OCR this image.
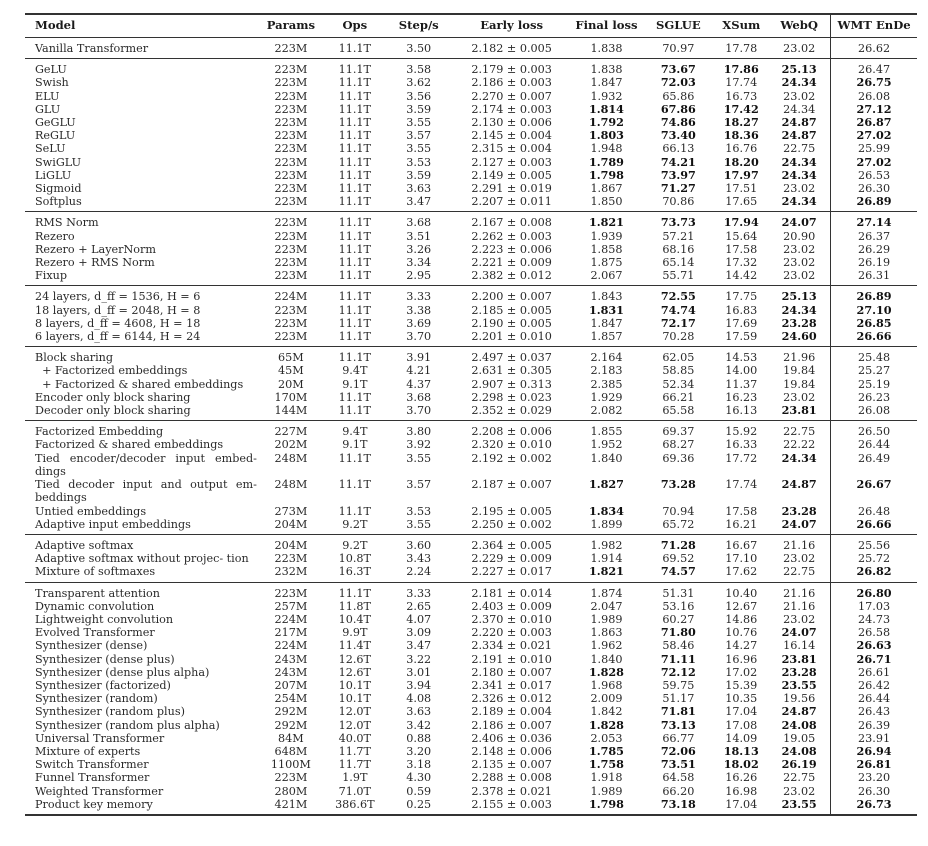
Model	Params	Ops	Step/s	Early loss	Final loss	SGLUE	XSum	WebQ	WMT EnDe
Vanilla Transformer	223M	11.1T	3.50	2.182 ± 0.005	1.838	70.97	17.78	23.02	26.62
GeLU	223M	11.1T	3.58	2.179 ± 0.003	1.838	73.67	17.86	25.13	26.47
Swish	223M	11.1T	3.62	2.186 ± 0.003	1.847	72.03	17.74	24.34	26.75
ELU	223M	11.1T	3.56	2.270 ± 0.007	1.932	65.86	16.73	23.02	26.08
GLU	223M	11.1T	3.59	2.174 ± 0.003	1.814	67.86	17.42	24.34	27.12
GeGLU	223M	11.1T	3.55	2.130 ± 0.006	1.792	74.86	18.27	24.87	26.87
ReGLU	223M	11.1T	3.57	2.145 ± 0.004	1.803	73.40	18.36	24.87	27.02
SeLU	223M	11.1T	3.55	2.315 ± 0.004	1.948	66.13	16.76	22.75	25.99
SwiGLU	223M	11.1T	3.53	2.127 ± 0.003	1.789	74.21	18.20	24.34	27.02
LiGLU	223M	11.1T	3.59	2.149 ± 0.005	1.798	73.97	17.97	24.34	26.53
Sigmoid	223M	11.1T	3.63	2.291 ± 0.019	1.867	71.27	17.51	23.02	26.30
Softplus	223M	11.1T	3.47	2.207 ± 0.011	1.850	70.86	17.65	24.34	26.89
RMS Norm	223M	11.1T	3.68	2.167 ± 0.008	1.821	73.73	17.94	24.07	27.14
Rezero	223M	11.1T	3.51	2.262 ± 0.003	1.939	57.21	15.64	20.90	26.37
Rezero + LayerNorm	223M	11.1T	3.26	2.223 ± 0.006	1.858	68.16	17.58	23.02	26.29
Rezero + RMS Norm	223M	11.1T	3.34	2.221 ± 0.009	1.875	65.14	17.32	23.02	26.19
Fixup	223M	11.1T	2.95	2.382 ± 0.012	2.067	55.71	14.42	23.02	26.31
24 layers, d_ff = 1536, H = 6	224M	11.1T	3.33	2.200 ± 0.007	1.843	72.55	17.75	25.13	26.89
18 layers, d_ff = 2048, H = 8	223M	11.1T	3.38	2.185 ± 0.005	1.831	74.74	16.83	24.34	27.10
8 layers, d_ff = 4608, H = 18	223M	11.1T	3.69	2.190 ± 0.005	1.847	72.17	17.69	23.28	26.85
6 layers, d_ff = 6144, H = 24	223M	11.1T	3.70	2.201 ± 0.010	1.857	70.28	17.59	24.60	26.66
Block sharing	65M	11.1T	3.91	2.497 ± 0.037	2.164	62.05	14.53	21.96	25.48
+ Factorized embeddings	45M	9.4T	4.21	2.631 ± 0.305	2.183	58.85	14.00	19.84	25.27
+ Factorized & shared embeddings	20M	9.1T	4.37	2.907 ± 0.313	2.385	52.34	11.37	19.84	25.19
Encoder only block sharing	170M	11.1T	3.68	2.298 ± 0.023	1.929	66.21	16.23	23.02	26.23
Decoder only block sharing	144M	11.1T	3.70	2.352 ± 0.029	2.082	65.58	16.13	23.81	26.08
Factorized Embedding	227M	9.4T	3.80	2.208 ± 0.006	1.855	69.37	15.92	22.75	26.50
Factorized & shared embeddings	202M	9.1T	3.92	2.320 ± 0.010	1.952	68.27	16.33	22.22	26.44
Tied encoder/decoder input embed- dings	248M	11.1T	3.55	2.192 ± 0.002	1.840	69.36	17.72	24.34	26.49
Tied decoder input and output em- beddings	248M	11.1T	3.57	2.187 ± 0.007	1.827	73.28	17.74	24.87	26.67
Untied embeddings	273M	11.1T	3.53	2.195 ± 0.005	1.834	70.94	17.58	23.28	26.48
Adaptive input embeddings	204M	9.2T	3.55	2.250 ± 0.002	1.899	65.72	16.21	24.07	26.66
Adaptive softmax	204M	9.2T	3.60	2.364 ± 0.005	1.982	71.28	16.67	21.16	25.56
Adaptive softmax without projec- tion	223M	10.8T	3.43	2.229 ± 0.009	1.914	69.52	17.10	23.02	25.72
Mixture of softmaxes	232M	16.3T	2.24	2.227 ± 0.017	1.821	74.57	17.62	22.75	26.82
Transparent attention	223M	11.1T	3.33	2.181 ± 0.014	1.874	51.31	10.40	21.16	26.80
Dynamic convolution	257M	11.8T	2.65	2.403 ± 0.009	2.047	53.16	12.67	21.16	17.03
Lightweight convolution	224M	10.4T	4.07	2.370 ± 0.010	1.989	60.27	14.86	23.02	24.73
Evolved Transformer	217M	9.9T	3.09	2.220 ± 0.003	1.863	71.80	10.76	24.07	26.58
Synthesizer (dense)	224M	11.4T	3.47	2.334 ± 0.021	1.962	58.46	14.27	16.14	26.63
Synthesizer (dense plus)	243M	12.6T	3.22	2.191 ± 0.010	1.840	71.11	16.96	23.81	26.71
Synthesizer (dense plus alpha)	243M	12.6T	3.01	2.180 ± 0.007	1.828	72.12	17.02	23.28	26.61
Synthesizer (factorized)	207M	10.1T	3.94	2.341 ± 0.017	1.968	59.75	15.39	23.55	26.42
Synthesizer (random)	254M	10.1T	4.08	2.326 ± 0.012	2.009	51.17	10.35	19.56	26.44
Synthesizer (random plus)	292M	12.0T	3.63	2.189 ± 0.004	1.842	71.81	17.04	24.87	26.43
Synthesizer (random plus alpha)	292M	12.0T	3.42	2.186 ± 0.007	1.828	73.13	17.08	24.08	26.39
Universal Transformer	84M	40.0T	0.88	2.406 ± 0.036	2.053	66.77	14.09	19.05	23.91
Mixture of experts	648M	11.7T	3.20	2.148 ± 0.006	1.785	72.06	18.13	24.08	26.94
Switch Transformer	1100M	11.7T	3.18	2.135 ± 0.007	1.758	73.51	18.02	26.19	26.81
Funnel Transformer	223M	1.9T	4.30	2.288 ± 0.008	1.918	64.58	16.26	22.75	23.20
Weighted Transformer	280M	71.0T	0.59	2.378 ± 0.021	1.989	66.20	16.98	23.02	26.30
Product key memory	421M	386.6T	0.25	2.155 ± 0.003	1.798	73.18	17.04	23.55	26.73
